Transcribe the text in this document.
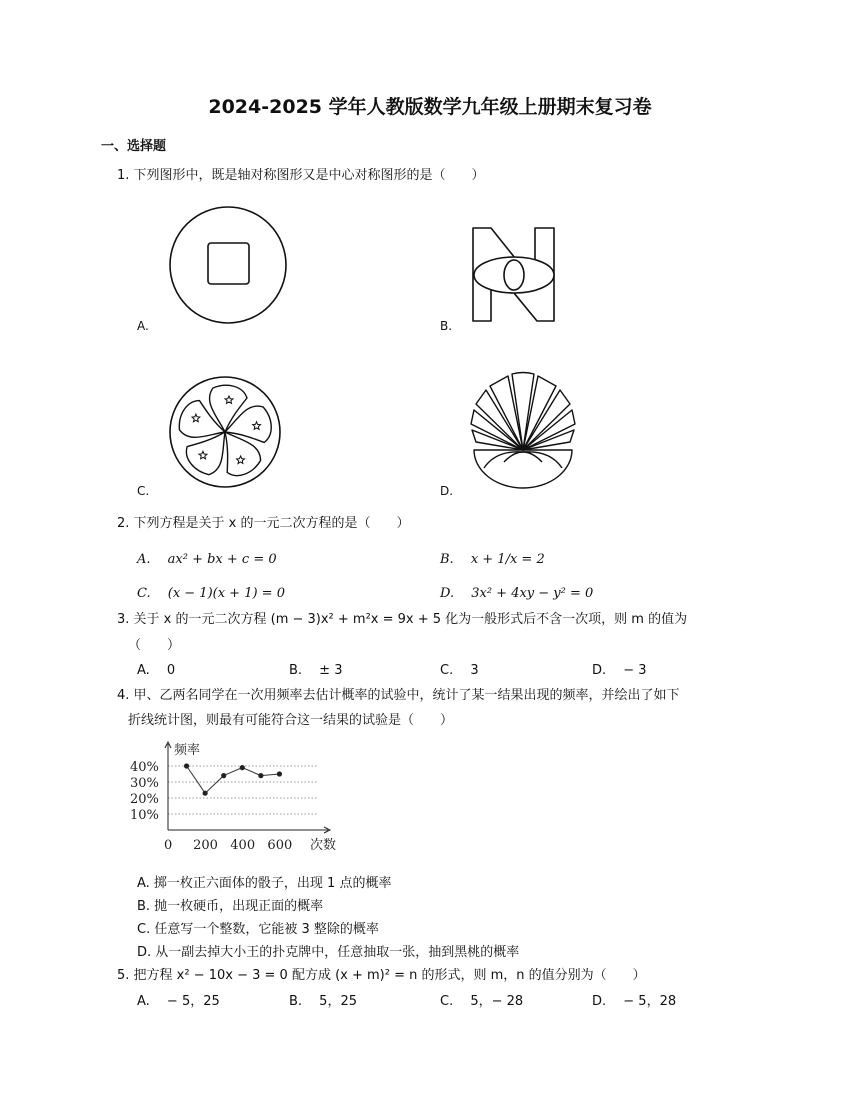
2024-2025 学年人教版数学九年级上册期末复习卷
一、选择题
1. 下列图形中，既是轴对称图形又是中心对称图形的是（　　）
A.	B.
C.	D.
2. 下列方程是关于 x 的一元二次方程的是（　　）
A.　 ax² + bx + c = 0	B.　 x + 1/x = 2
C.　 (x − 1)(x + 1) = 0	D.　 3x² + 4xy − y² = 0
3. 关于 x 的一元二次方程 (m − 3)x² + m²x = 9x + 5 化为一般形式后不含一次项，则 m 的值为
（　　）
A.　 0	B.　 ± 3	C.　 3	D.　 − 3
4. 甲、乙两名同学在一次用频率去估计概率的试验中，统计了某一结果出现的频率，并绘出了如下
折线统计图，则最有可能符合这一结果的试验是（　　）
频率
次数
10%
20%
30%
40%
0 200 400 600
A. 掷一枚正六面体的骰子，出现 1 点的概率
B. 抛一枚硬币，出现正面的概率
C. 任意写一个整数，它能被 3 整除的概率
D. 从一副去掉大小王的扑克牌中，任意抽取一张，抽到黑桃的概率
5. 把方程 x² − 10x − 3 = 0 配方成 (x + m)² = n 的形式，则 m，n 的值分别为（　　）
A.　 − 5，25	B.　 5，25	C.　 5，− 28	D.　 − 5，28
